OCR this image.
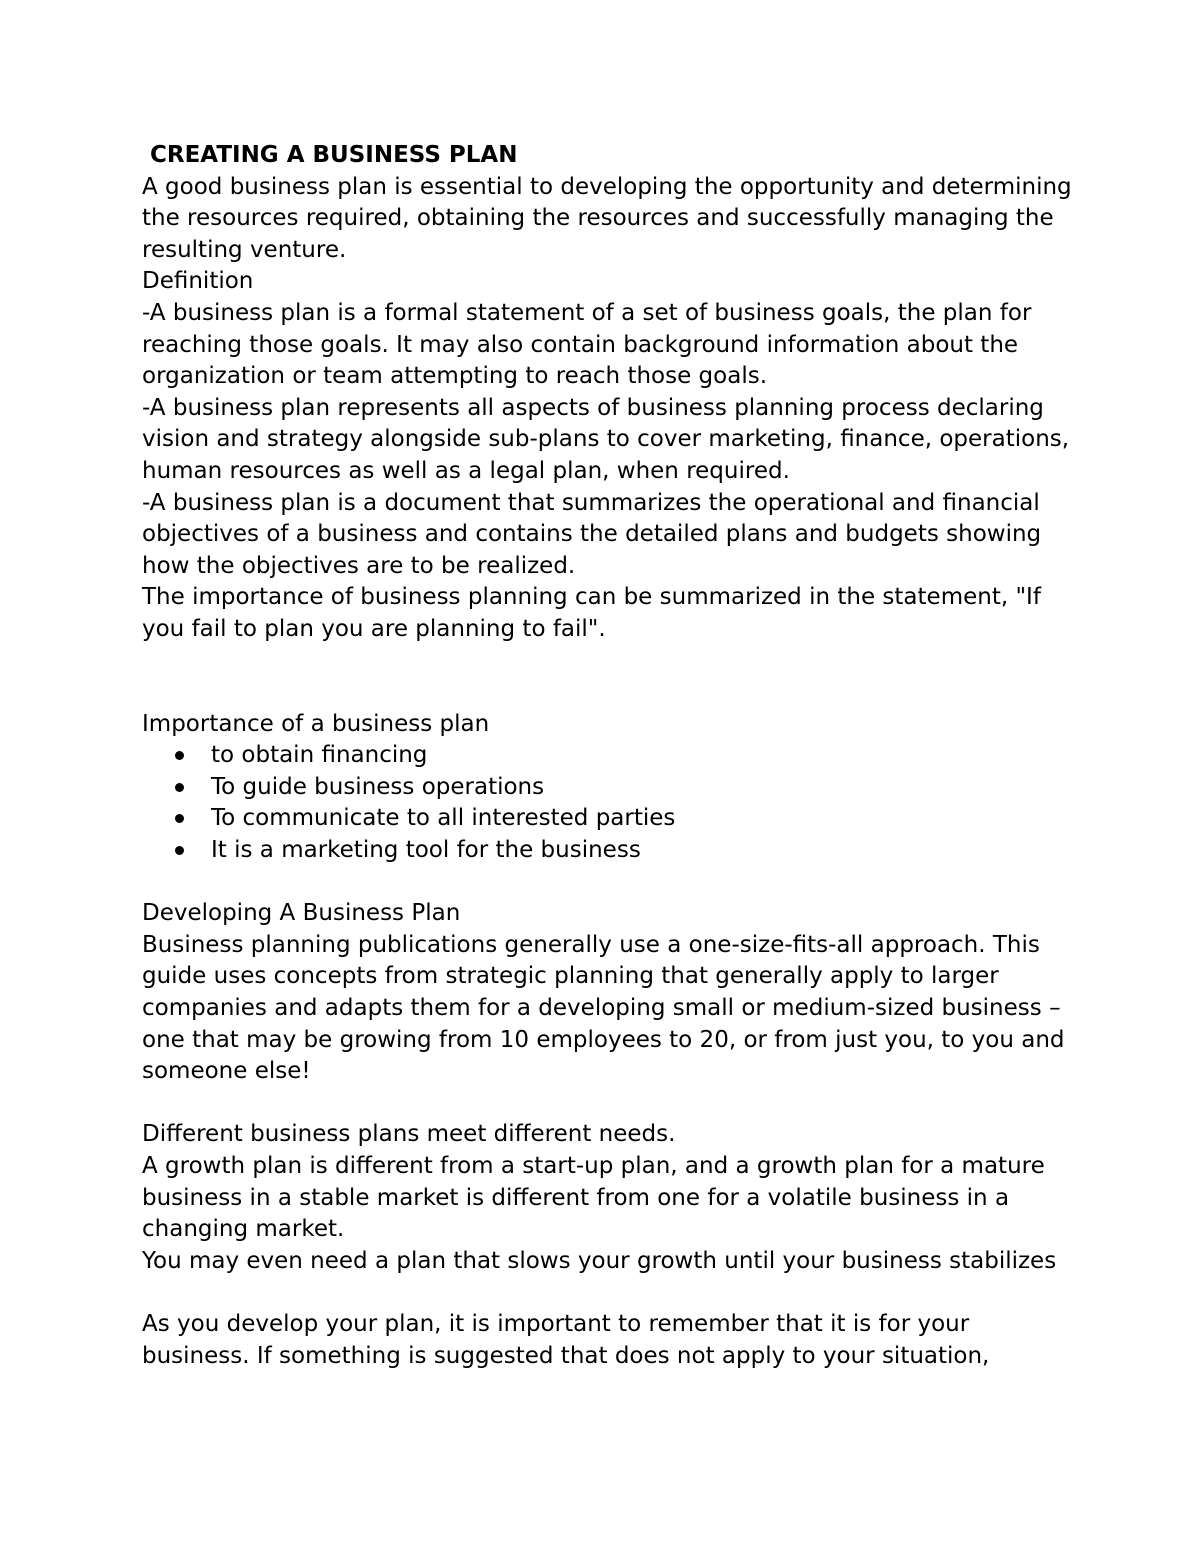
CREATING A BUSINESS PLAN

A good business plan is essential to developing the opportunity and determining the resources required, obtaining the resources and successfully managing the resulting venture.

Definition

-A business plan is a formal statement of a set of business goals, the plan for reaching those goals. It may also contain background information about the organization or team attempting to reach those goals.

-A business plan represents all aspects of business planning process declaring vision and strategy alongside sub-plans to cover marketing, finance, operations, human resources as well as a legal plan, when required.

-A business plan is a document that summarizes the operational and financial objectives of a business and contains the detailed plans and budgets showing how the objectives are to be realized.

The importance of business planning can be summarized in the statement, "If you fail to plan you are planning to fail".

Importance of a business plan

to obtain financing
To guide business operations
To communicate to all interested parties
It is a marketing tool for the business

Developing A Business Plan

Business planning publications generally use a one-size-fits-all approach. This guide uses concepts from strategic planning that generally apply to larger companies and adapts them for a developing small or medium-sized business – one that may be growing from 10 employees to 20, or from just you, to you and someone else!

Different business plans meet different needs.

A growth plan is different from a start-up plan, and a growth plan for a mature business in a stable market is different from one for a volatile business in a changing market.

You may even need a plan that slows your growth until your business stabilizes

As you develop your plan, it is important to remember that it is for your business. If something is suggested that does not apply to your situation,
